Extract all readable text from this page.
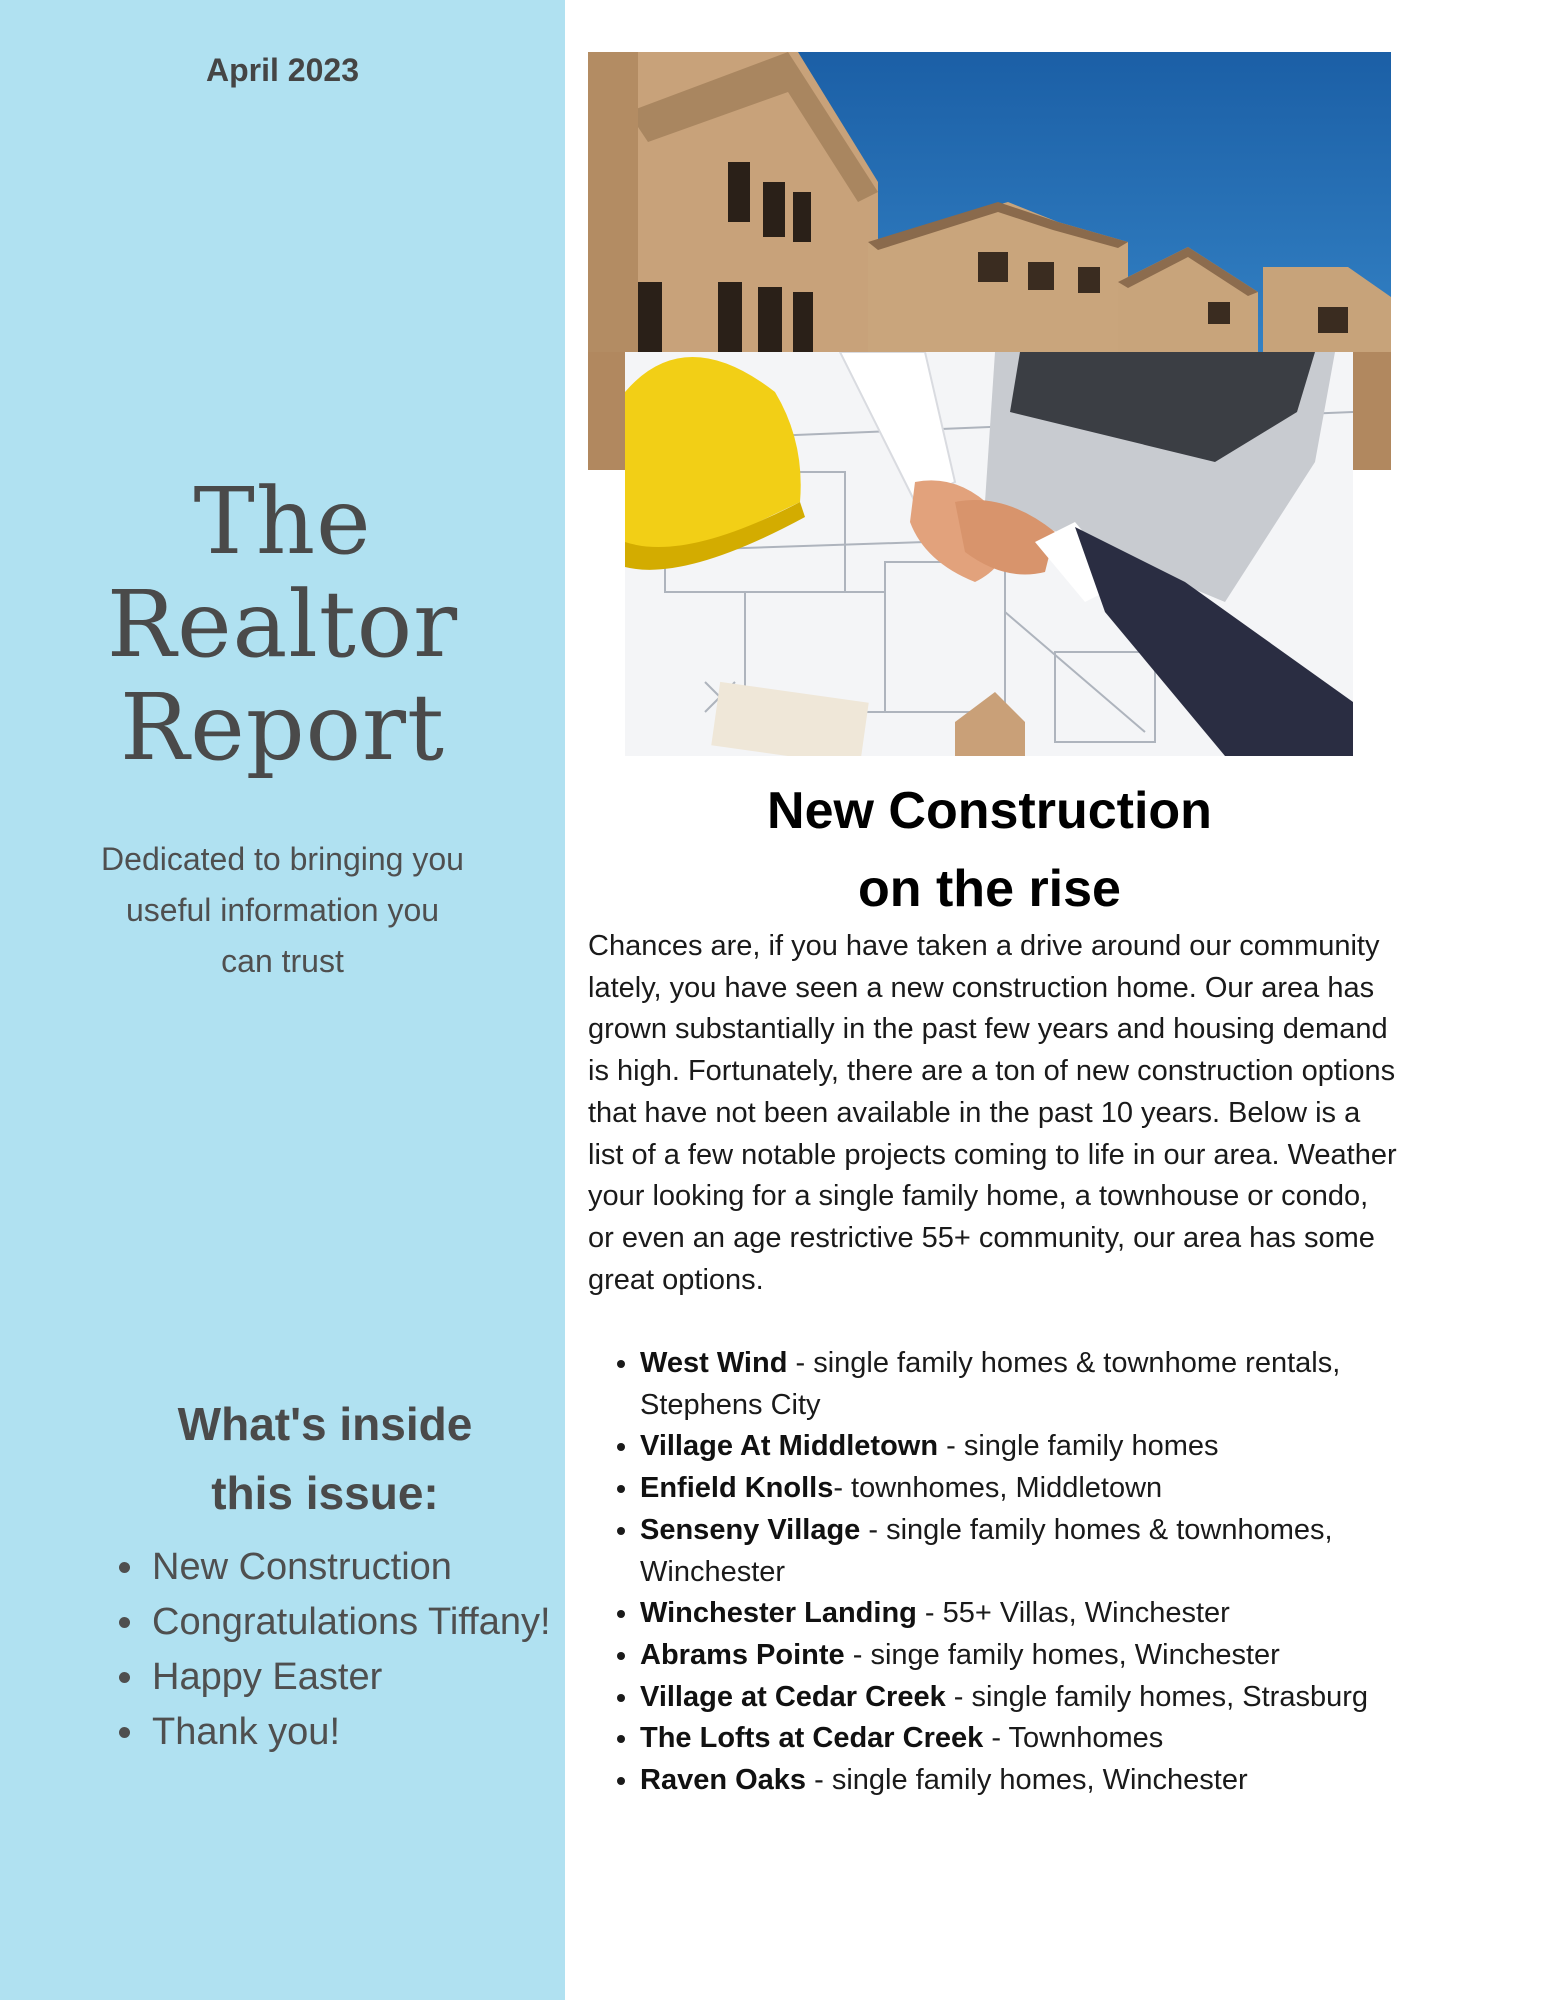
April 2023
The
Realtor
Report
Dedicated to bringing you useful information you can trust
What's inside
this issue:
• New Construction
• Congratulations Tiffany!
• Happy Easter
• Thank you!
New Construction
on the rise

Chances are, if you have taken a drive around our community lately, you have seen a new construction home. Our area has grown substantially in the past few years and housing demand is high. Fortunately, there are a ton of new construction options that have not been available in the past 10 years. Below is a list of a few notable projects coming to life in our area. Weather your looking for a single family home, a townhouse or condo, or even an age restrictive 55+ community, our area has some great options.

• West Wind - single family homes & townhome rentals, Stephens City
• Village At Middletown - single family homes
• Enfield Knolls- townhomes, Middletown
• Senseny Village - single family homes & townhomes, Winchester
• Winchester Landing - 55+ Villas, Winchester
• Abrams Pointe - singe family homes, Winchester
• Village at Cedar Creek - single family homes, Strasburg
• The Lofts at Cedar Creek - Townhomes
• Raven Oaks - single family homes, Winchester
